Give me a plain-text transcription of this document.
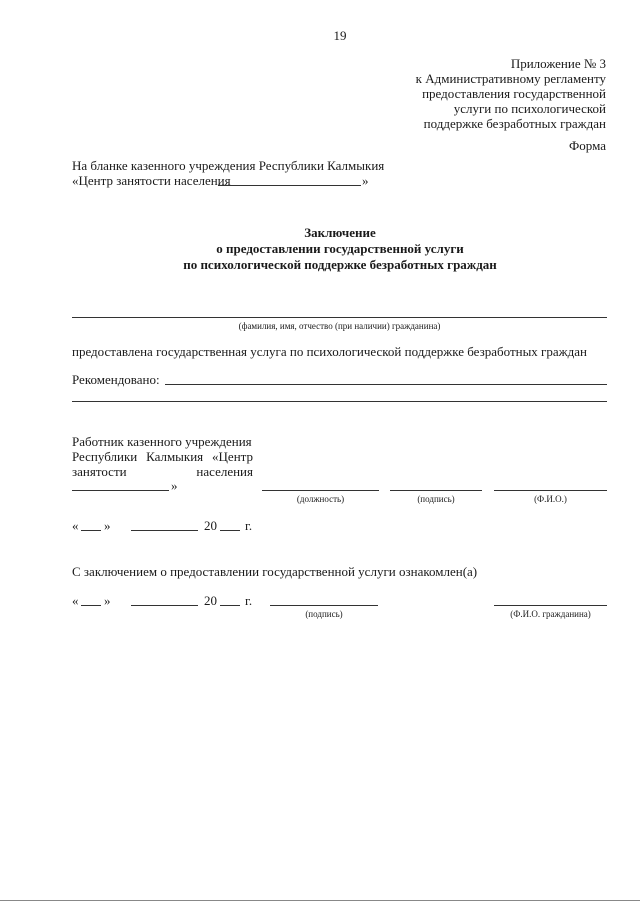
19
Приложение № 3
к Административному регламенту
предоставления государственной
услуги по психологической
поддержке безработных граждан
Форма
На бланке казенного учреждения Республики Калмыкия
«Центр занятости населения	»
Заключение
о предоставлении государственной услуги
по психологической поддержке безработных граждан
(фамилия, имя, отчество (при наличии) гражданина)
предоставлена государственная услуга по психологической поддержке безработных граждан
Рекомендовано:
Работник казенного учреждения
Республики Калмыкия «Центр
занятости	населения
»
(должность)	(подпись)	(Ф.И.О.)
« »	20 г.
С заключением о предоставлении государственной услуги ознакомлен(а)
« »	20 г.
(подпись)	(Ф.И.О. гражданина)
